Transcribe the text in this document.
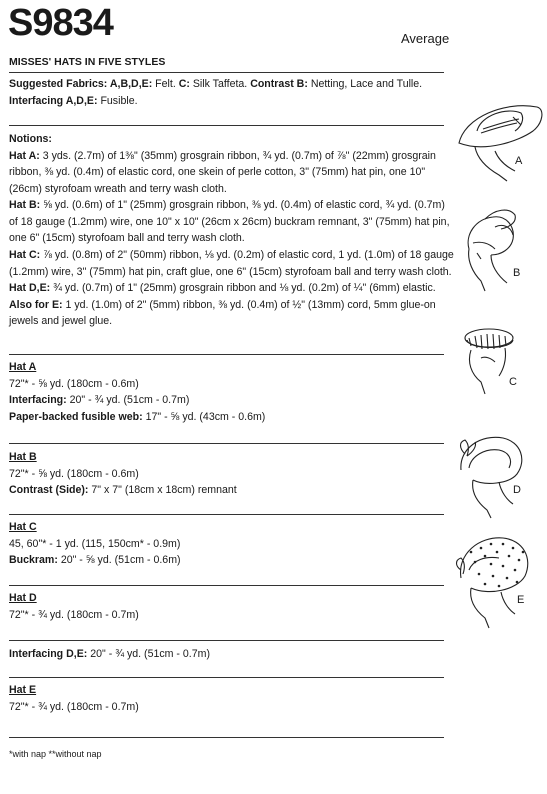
S9834	Average
MISSES' HATS IN FIVE STYLES
Suggested Fabrics: A,B,D,E: Felt. C: Silk Taffeta. Contrast B: Netting, Lace and Tulle.
Interfacing A,D,E: Fusible.
Notions:
Hat A: 3 yds. (2.7m) of 1⅜" (35mm) grosgrain ribbon, ¾ yd. (0.7m) of ⅞" (22mm) grosgrain
ribbon, ⅜ yd. (0.4m) of elastic cord, one skein of perle cotton, 3" (75mm) hat pin, one 10"
(26cm) styrofoam wreath and terry wash cloth.
Hat B: ⅝ yd. (0.6m) of 1" (25mm) grosgrain ribbon, ⅜ yd. (0.4m) of elastic cord, ¾ yd. (0.7m)
of 18 gauge (1.2mm) wire, one 10" x 10" (26cm x 26cm) buckram remnant, 3" (75mm) hat pin,
one 6" (15cm) styrofoam ball and terry wash cloth.
Hat C: ⅞ yd. (0.8m) of 2" (50mm) ribbon, ⅛ yd. (0.2m) of elastic cord, 1 yd. (1.0m) of 18 gauge
(1.2mm) wire, 3" (75mm) hat pin, craft glue, one 6" (15cm) styrofoam ball and terry wash cloth.
Hat D,E: ¾ yd. (0.7m) of 1" (25mm) grosgrain ribbon and ⅛ yd. (0.2m) of ¼" (6mm) elastic.
Also for E: 1 yd. (1.0m) of 2" (5mm) ribbon, ⅜ yd. (0.4m) of ½" (13mm) cord, 5mm glue-on
jewels and jewel glue.
Hat A
72"* - ⅝ yd. (180cm - 0.6m)
Interfacing: 20" - ¾ yd. (51cm - 0.7m)
Paper-backed fusible web: 17" - ⅝ yd. (43cm - 0.6m)
Hat B
72"* - ⅝ yd. (180cm - 0.6m)
Contrast (Side): 7" x 7" (18cm x 18cm) remnant
Hat C
45, 60"* - 1 yd. (115, 150cm* - 0.9m)
Buckram: 20" - ⅝ yd. (51cm - 0.6m)
Hat D
72"* - ¾ yd. (180cm - 0.7m)
Interfacing D,E: 20" - ¾ yd. (51cm - 0.7m)
Hat E
72"* - ¾ yd. (180cm - 0.7m)
*with nap **without nap
A
B
C
D
E
